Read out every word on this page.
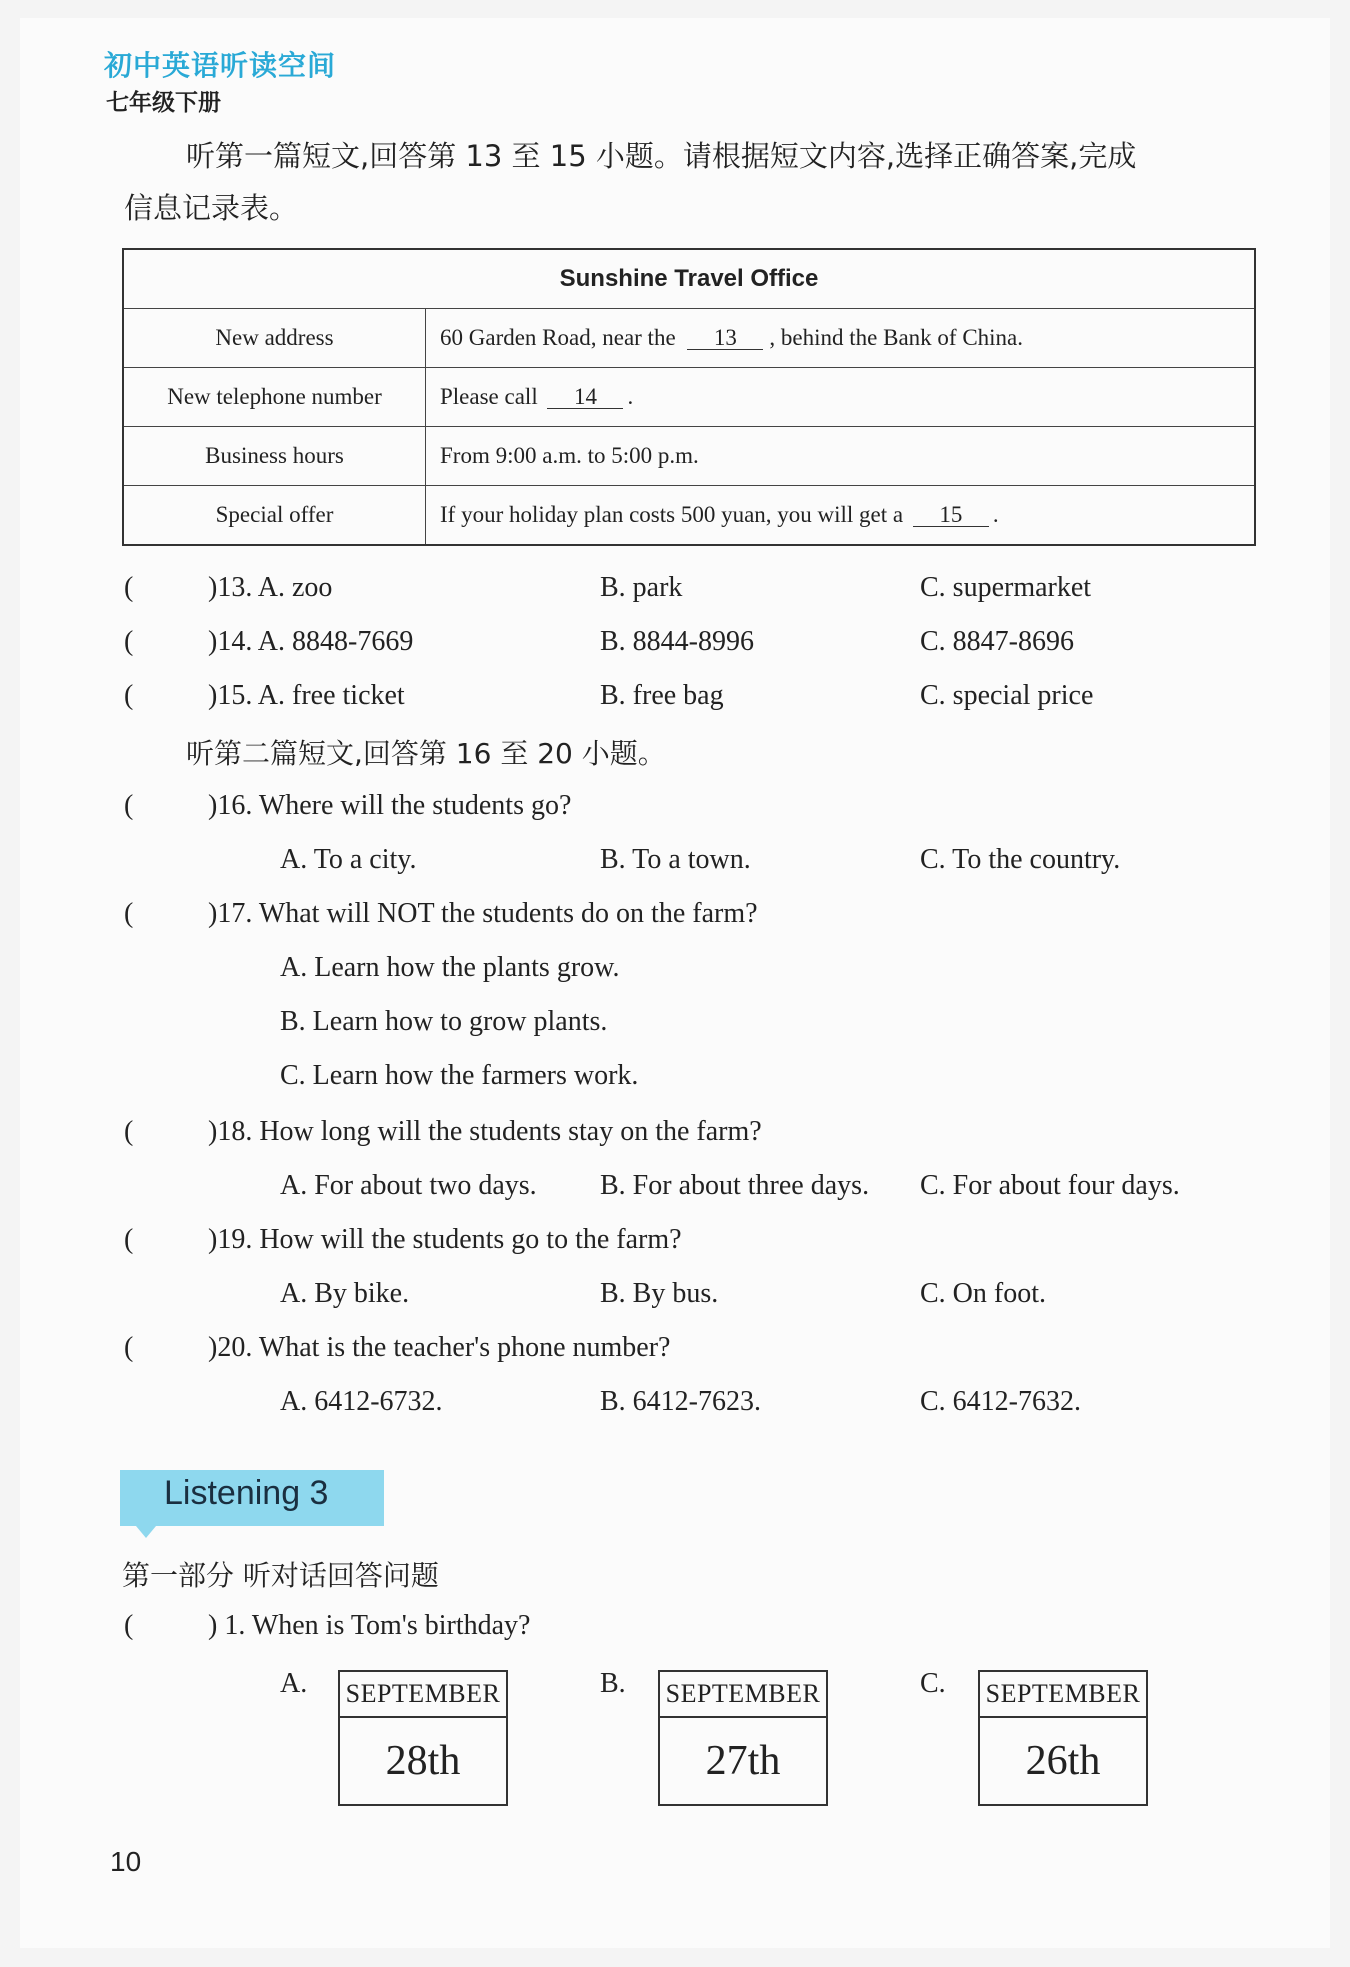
初中英语听读空间
七年级下册
听第一篇短文,回答第 13 至 15 小题。请根据短文内容,选择正确答案,完成
信息记录表。
Sunshine Travel Office	
New address	60 Garden Road, near the 13 , behind the Bank of China.
New telephone number	Please call 14 .
Business hours	From 9:00 a.m. to 5:00 p.m.
Special offer	If your holiday plan costs 500 yuan, you will get a 15 .
(	)13. A. zoo	B. park	C. supermarket
(	)14. A. 8848-7669	B. 8844-8996	C. 8847-8696
(	)15. A. free ticket	B. free bag	C. special price
听第二篇短文,回答第 16 至 20 小题。
(	)16. Where will the students go?
A. To a city.	B. To a town.	C. To the country.
(	)17. What will NOT the students do on the farm?
A. Learn how the plants grow.
B. Learn how to grow plants.
C. Learn how the farmers work.
(	)18. How long will the students stay on the farm?
A. For about two days. B. For about three days. C. For about four days.
(	)19. How will the students go to the farm?
A. By bike.	B. By bus.	C. On foot.
(	)20. What is the teacher's phone number?
A. 6412-6732.	B. 6412-7623.	C. 6412-7632.
Listening 3
第一部分 听对话回答问题
(	) 1. When is Tom's birthday?
A. SEPTEMBER
28th
B. SEPTEMBER
27th
C. SEPTEMBER
26th
10
